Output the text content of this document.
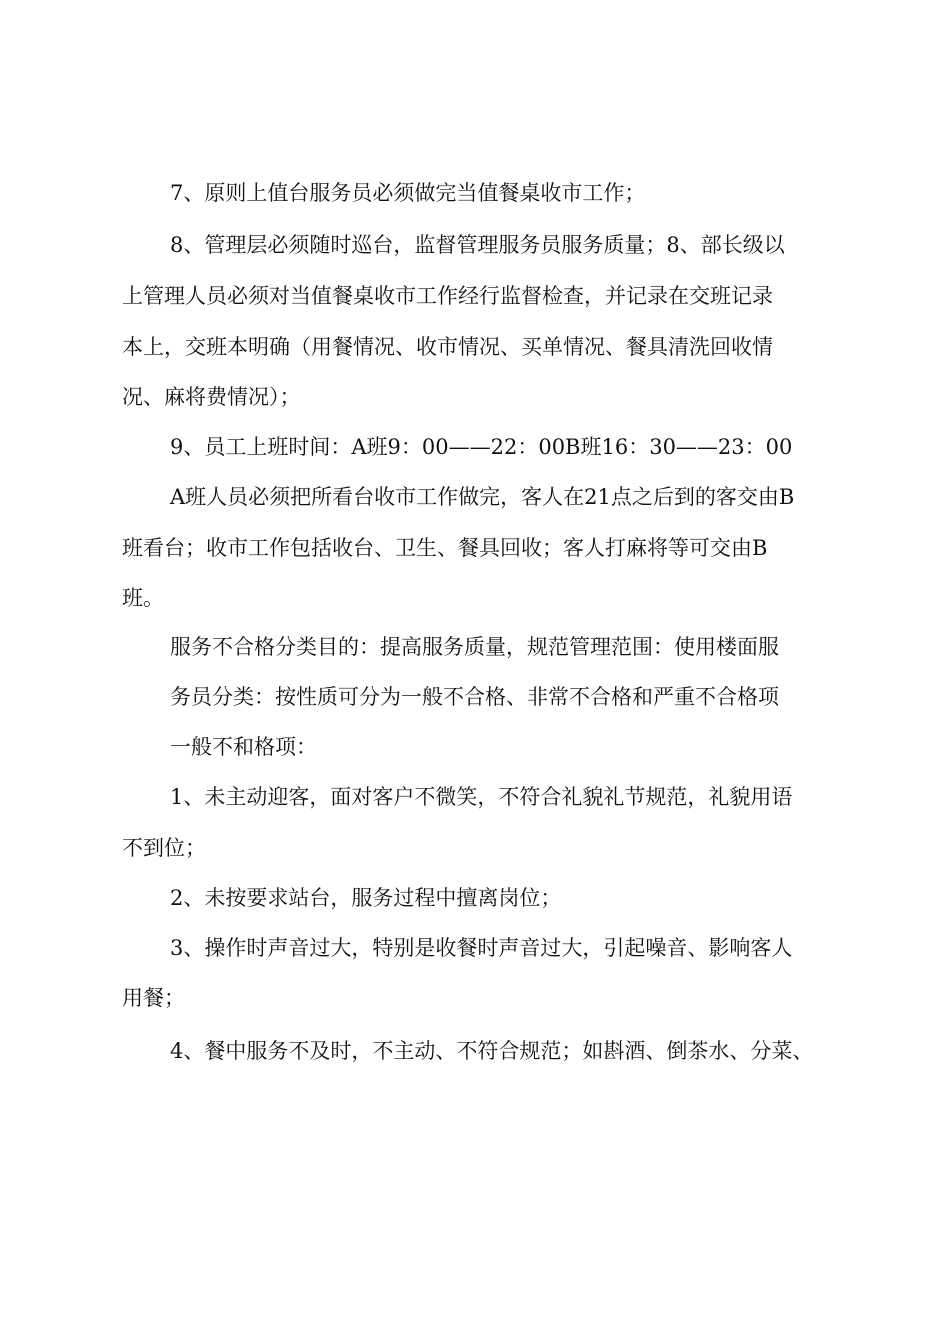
7、原则上值台服务员必须做完当值餐桌收市工作；
8、管理层必须随时巡台，监督管理服务员服务质量；8、部长级以
上管理人员必须对当值餐桌收市工作经行监督检查，并记录在交班记录
本上，交班本明确（用餐情况、收市情况、买单情况、餐具清洗回收情
况、麻将费情况）；
9、员工上班时间：A班9：00——22：00B班16：30——23：00
A班人员必须把所看台收市工作做完，客人在21点之后到的客交由B
班看台；收市工作包括收台、卫生、餐具回收；客人打麻将等可交由B
班。
服务不合格分类目的：提高服务质量，规范管理范围：使用楼面服
务员分类：按性质可分为一般不合格、非常不合格和严重不合格项
一般不和格项：
1、未主动迎客，面对客户不微笑，不符合礼貌礼节规范，礼貌用语
不到位；
2、未按要求站台，服务过程中擅离岗位；
3、操作时声音过大，特别是收餐时声音过大，引起噪音、影响客人
用餐；
4、餐中服务不及时，不主动、不符合规范；如斟酒、倒茶水、分菜、
